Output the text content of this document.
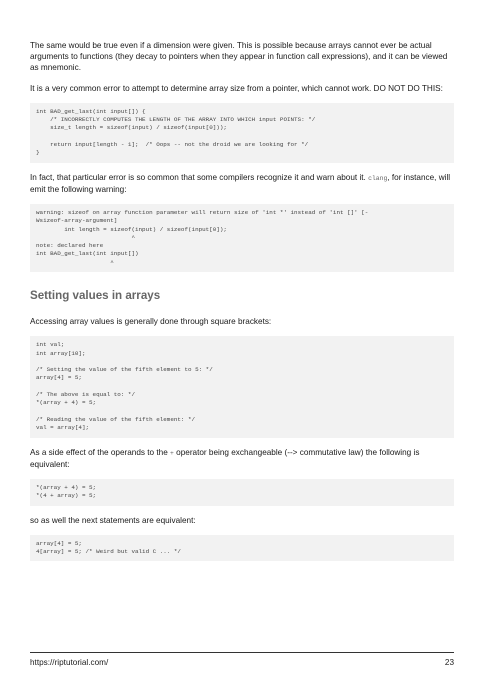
The same would be true even if a dimension were given. This is possible because arrays cannot ever be actual arguments to functions (they decay to pointers when they appear in function call expressions), and it can be viewed as mnemonic.

It is a very common error to attempt to determine array size from a pointer, which cannot work. DO NOT DO THIS:

int BAD_get_last(int input[]) {
/* INCORRECTLY COMPUTES THE LENGTH OF THE ARRAY INTO WHICH input POINTS: */
size_t length = sizeof(input) / sizeof(input[0]));

return input[length - 1];  /* Oops -- not the droid we are looking for */
}

In fact, that particular error is so common that some compilers recognize it and warn about it. clang, for instance, will emit the following warning:

warning: sizeof on array function parameter will return size of 'int *' instead of 'int []' [-
Wsizeof-array-argument]
int length = sizeof(input) / sizeof(input[0]);
^
note: declared here
int BAD_get_last(int input[])
^
Setting values in arrays

Accessing array values is generally done through square brackets:

int val;
int array[10];

/* Setting the value of the fifth element to 5: */
array[4] = 5;

/* The above is equal to: */
*(array + 4) = 5;

/* Reading the value of the fifth element: */
val = array[4];

As a side effect of the operands to the + operator being exchangeable (--> commutative law) the following is equivalent:

*(array + 4) = 5;
*(4 + array) = 5;

so as well the next statements are equivalent:

array[4] = 5;
4[array] = 5; /* Weird but valid C ... */
https://riptutorial.com/	23
